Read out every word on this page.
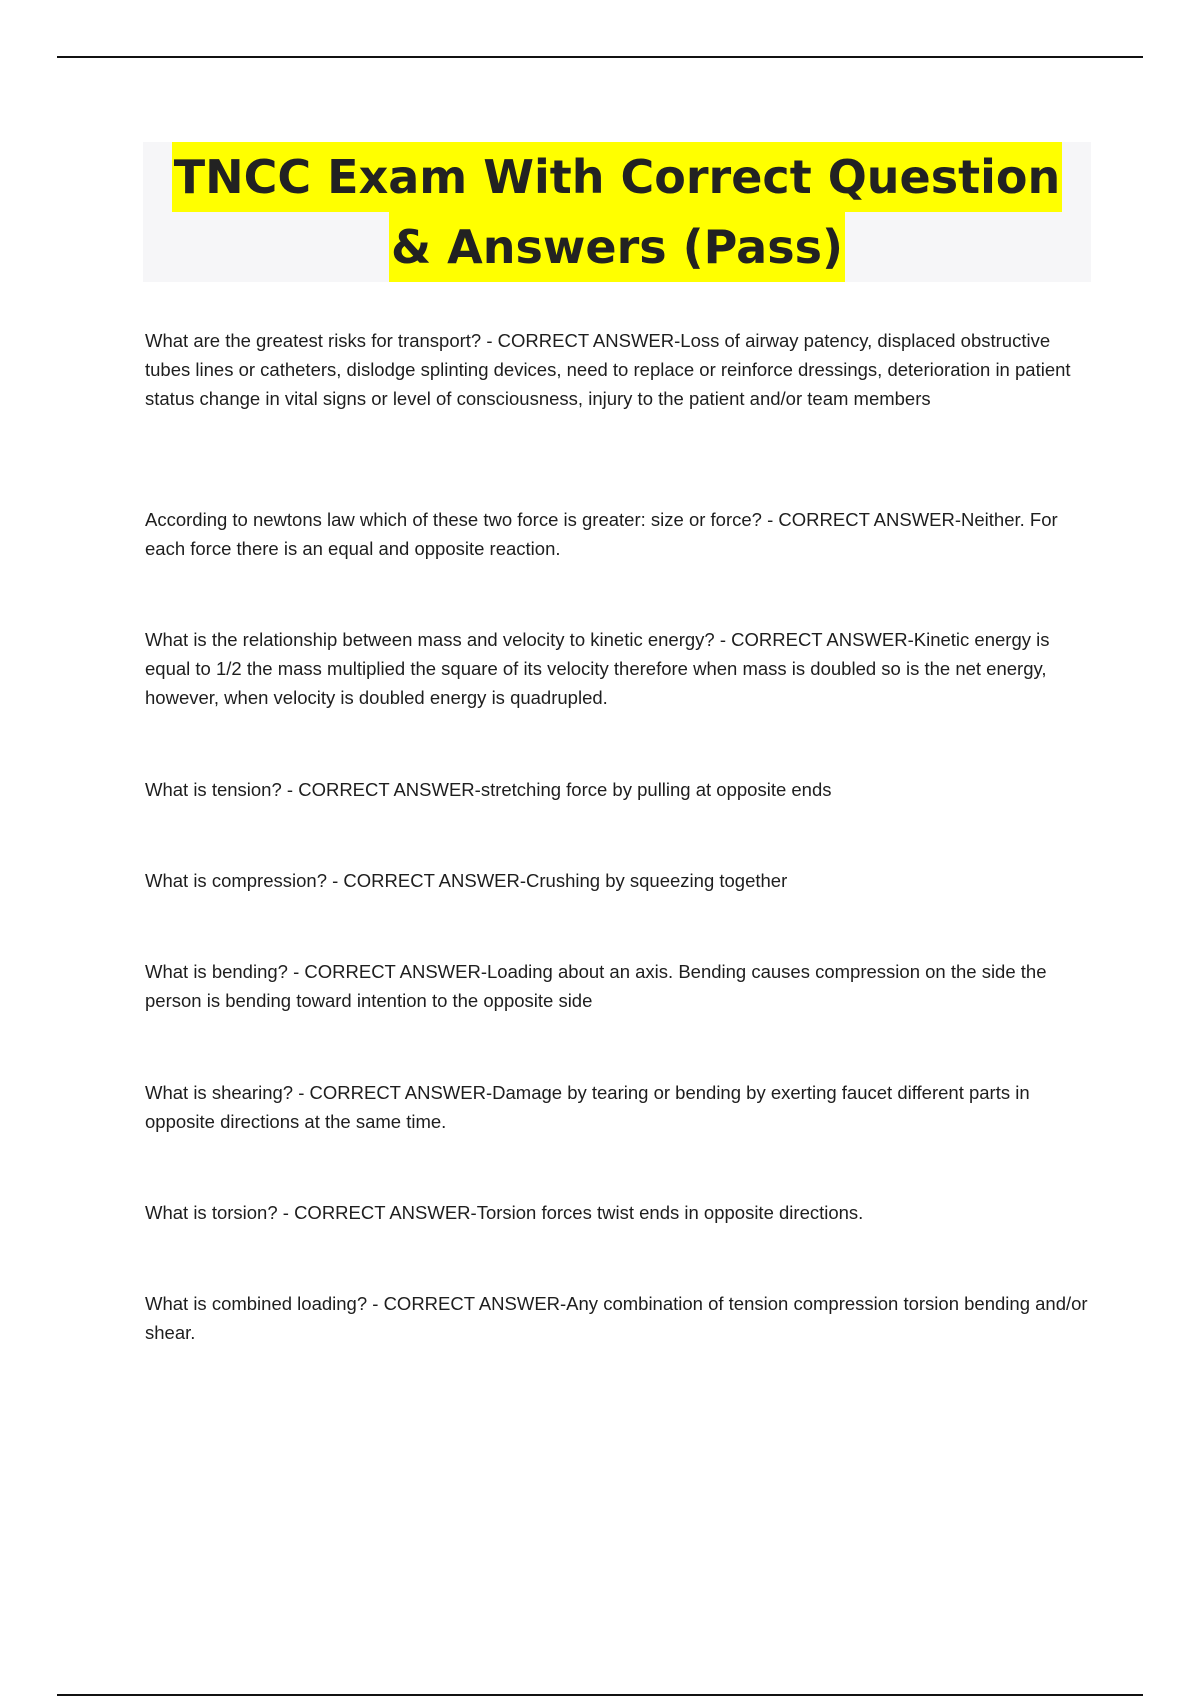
TNCC Exam With Correct Question
& Answers (Pass)

What are the greatest risks for transport? - CORRECT ANSWER-Loss of airway patency, displaced obstructive tubes lines or catheters, dislodge splinting devices, need to replace or reinforce dressings, deterioration in patient status change in vital signs or level of consciousness, injury to the patient and/or team members

According to newtons law which of these two force is greater: size or force? - CORRECT ANSWER-Neither. For each force there is an equal and opposite reaction.

What is the relationship between mass and velocity to kinetic energy? - CORRECT ANSWER-Kinetic energy is equal to 1/2 the mass multiplied the square of its velocity therefore when mass is doubled so is the net energy, however, when velocity is doubled energy is quadrupled.

What is tension? - CORRECT ANSWER-stretching force by pulling at opposite ends

What is compression? - CORRECT ANSWER-Crushing by squeezing together

What is bending? - CORRECT ANSWER-Loading about an axis. Bending causes compression on the side the person is bending toward intention to the opposite side

What is shearing? - CORRECT ANSWER-Damage by tearing or bending by exerting faucet different parts in opposite directions at the same time.

What is torsion? - CORRECT ANSWER-Torsion forces twist ends in opposite directions.

What is combined loading? - CORRECT ANSWER-Any combination of tension compression torsion bending and/or shear.
